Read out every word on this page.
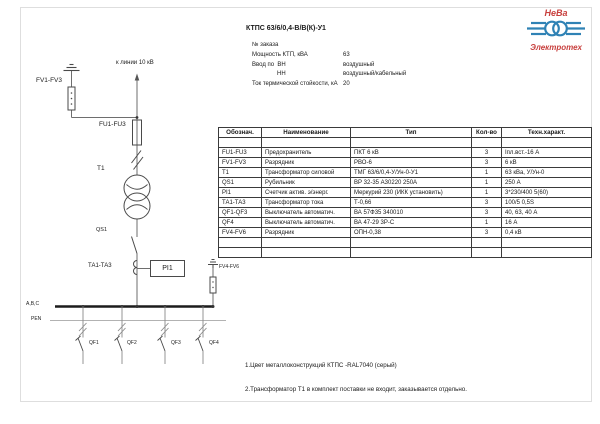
к линии 10 кВ
FV1-FV3
FU1-FU3
Т1
QS1
ТА1-ТА3	PI1	FV4-FV6
А,В,С
PEN
QF1	QF2	QF3	QF4
КТПС 63/6/0,4-В/В(К)-У1
№ заказа
Мощность КТП, кВА	63
Ввод по  ВН	воздушный
НН	воздушный/кабельный
Ток термической стойкости, кА 20
НеВа
Электротех
Обознач.	Наименование	Тип	Кол-во	Техн.характ.

FU1-FU3	Предохранитель	ПКТ 6 кВ	3	Iпл.вст.-16 А
FV1-FV3	Разрядник	РВО-6	3	6 кВ
Т1	Трансформатор силовой	ТМГ 63/6/0,4-У/Ун-0-У1	1	63 кВа, У/Ун-0
QS1	Рубильник	ВР 32-35 А30220 250А	1	250 А
PI1	Счетчик актив. э/энерг.	Меркурий 230 (ИКК установить)	1	3*230/400 5(60)
ТА1-ТА3	Трансформатор тока	Т-0,66	3	100/5 0,5S
QF1-QF3	Выключатель автоматич.	ВА 57Ф35 340010	3	40, 63, 40 А
QF4	Выключатель автоматич.	ВА 47-29 3Р-С	1	16 А
FV4-FV6	Разрядник	ОПН-0,38	3	0,4 кВ

1.Цвет металлоконструкций КТПС -RAL7040 (серый)

2.Трансформатор Т1 в комплект поставки не входит, заказывается отдельно.
